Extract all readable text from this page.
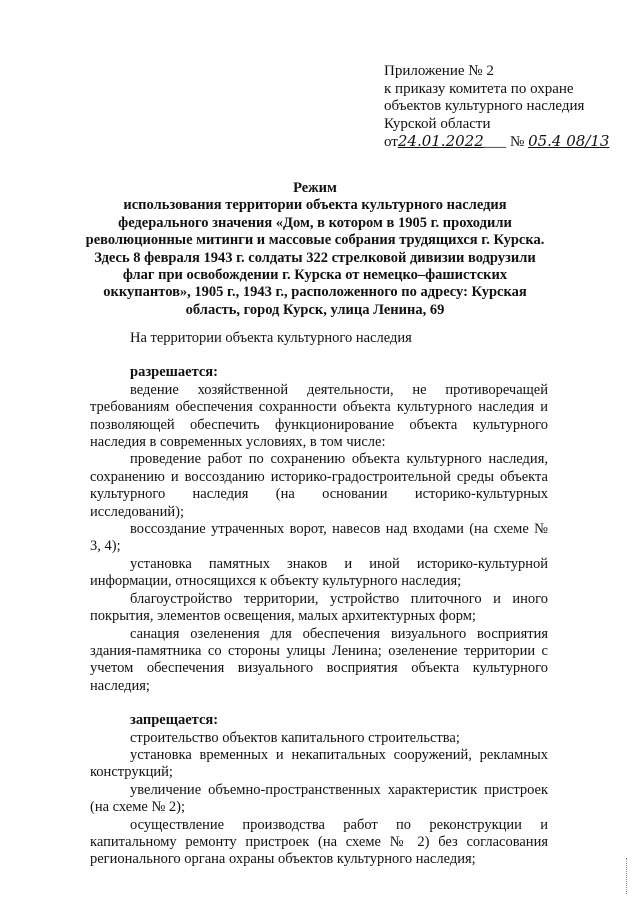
Приложение № 2
к приказу комитета по охране
объектов культурного наследия
Курской области
от24.01.2022___ № 05.4 08/13
Режим
использования территории объекта культурного наследия федерального значения «Дом, в котором в 1905 г. проходили революционные митинги и массовые собрания трудящихся г. Курска. Здесь 8 февраля 1943 г. солдаты 322 стрелковой дивизии водрузили флаг при освобождении г. Курска от немецко–фашистских оккупантов», 1905 г., 1943 г., расположенного по адресу: Курская область, город Курск, улица Ленина, 69

На территории объекта культурного наследия

разрешается:

ведение хозяйственной деятельности, не противоречащей требованиям обеспечения сохранности объекта культурного наследия и позволяющей обеспечить функционирование объекта культурного наследия в современных условиях, в том числе:

проведение работ по сохранению объекта культурного наследия, сохранению и воссозданию историко-градостроительной среды объекта культурного наследия (на основании историко-культурных исследований);

воссоздание утраченных ворот, навесов над входами (на схеме № 3, 4);

установка памятных знаков и иной историко-культурной информации, относящихся к объекту культурного наследия;

благоустройство территории, устройство плиточного и иного покрытия, элементов освещения, малых архитектурных форм;

санация озеленения для обеспечения визуального восприятия здания-памятника со стороны улицы Ленина; озеленение территории с учетом обеспечения визуального восприятия объекта культурного наследия;

запрещается:

строительство объектов капитального строительства;

установка временных и некапитальных сооружений, рекламных конструкций;

увеличение объемно-пространственных характеристик пристроек (на схеме № 2);

осуществление производства работ по реконструкции и капитальному ремонту пристроек (на схеме № 2) без согласования регионального органа охраны объектов культурного наследия;
